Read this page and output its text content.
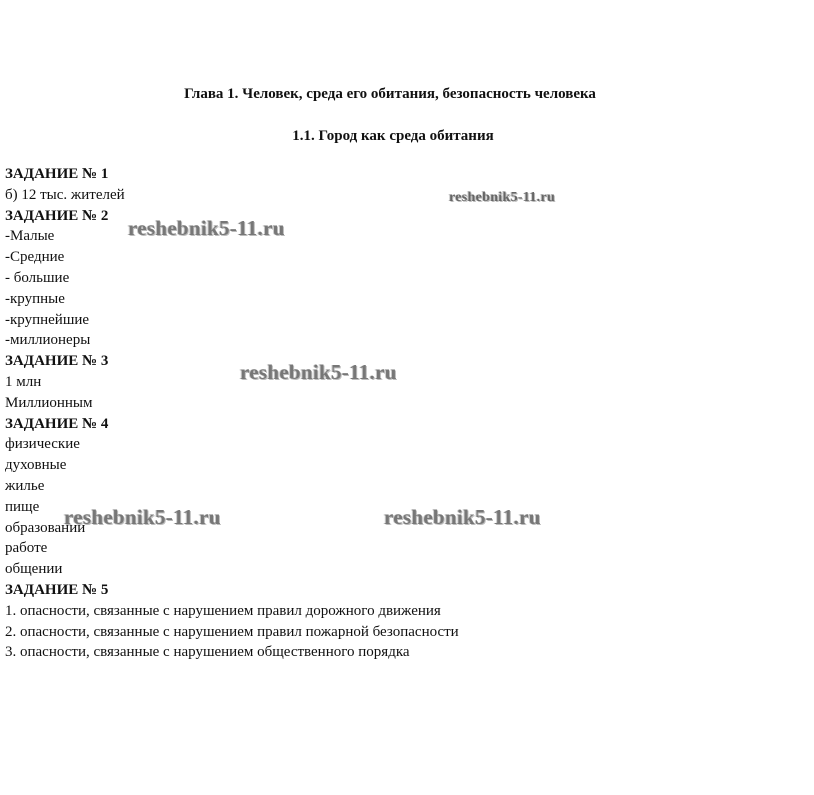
Глава 1. Человек, среда его обитания, безопасность человека
1.1. Город как среда обитания
ЗАДАНИЕ № 1
б) 12 тыс. жителей
ЗАДАНИЕ № 2
-Малые
-Средние
- большие
-крупные
-крупнейшие
-миллионеры
ЗАДАНИЕ № 3
1 млн
Миллионным
ЗАДАНИЕ № 4
физические
духовные
жилье
пище
образовании
работе
общении
ЗАДАНИЕ № 5
1. опасности, связанные с нарушением правил дорожного движения
2. опасности, связанные с нарушением правил пожарной безопасности
3. опасности, связанные с нарушением общественного порядка
reshebnik5-11.ru
reshebnik5-11.ru
reshebnik5-11.ru
reshebnik5-11.ru	reshebnik5-11.ru
